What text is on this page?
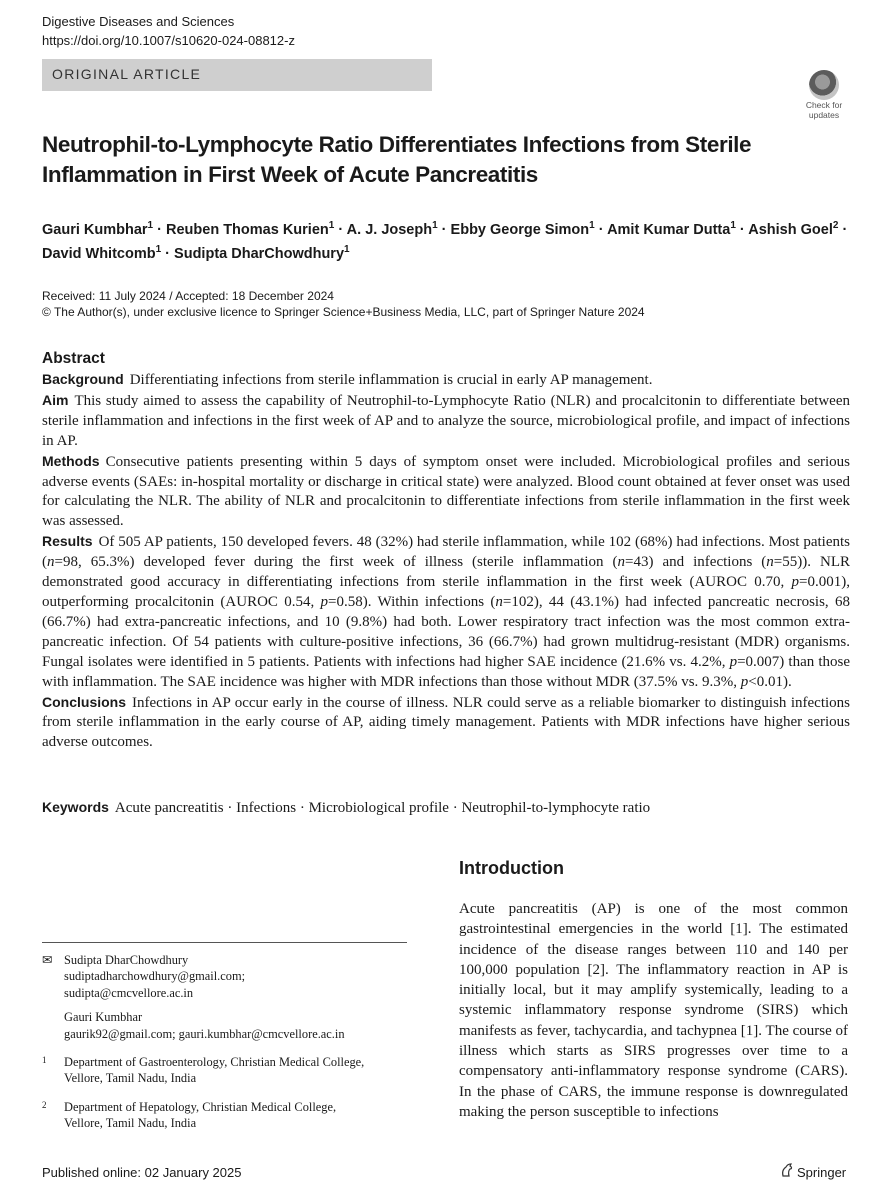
Digestive Diseases and Sciences
https://doi.org/10.1007/s10620-024-08812-z
ORIGINAL ARTICLE
Check for
updates
Neutrophil-to-Lymphocyte Ratio Differentiates Infections from Sterile
Inflammation in First Week of Acute Pancreatitis
Gauri Kumbhar$^1$ · Reuben Thomas Kurien$^1$ · A. J. Joseph$^1$ · Ebby George Simon$^1$ · Amit Kumar Dutta$^1$ · Ashish Goel$^2$ ·
David Whitcomb$^1$ · Sudipta DharChowdhury$^1$
Received: 11 July 2024 / Accepted: 18 December 2024
© The Author(s), under exclusive licence to Springer Science+Business Media, LLC, part of Springer Nature 2024
Abstract

Background Differentiating infections from sterile inflammation is crucial in early AP management.

Aim This study aimed to assess the capability of Neutrophil-to-Lymphocyte Ratio (NLR) and procalcitonin to differentiate between sterile inflammation and infections in the first week of AP and to analyze the source, microbiological profile, and impact of infections in AP.

Methods Consecutive patients presenting within 5 days of symptom onset were included. Microbiological profiles and serious adverse events (SAEs: in-hospital mortality or discharge in critical state) were analyzed. Blood count obtained at fever onset was used for calculating the NLR. The ability of NLR and procalcitonin to differentiate infections from sterile inflammation in the first week was assessed.

Results Of 505 AP patients, 150 developed fevers. 48 (32%) had sterile inflammation, while 102 (68%) had infections. Most patients (n=98, 65.3%) developed fever during the first week of illness (sterile inflammation (n=43) and infections (n=55)). NLR demonstrated good accuracy in differentiating infections from sterile inflammation in the first week (AUROC 0.70, p=0.001), outperforming procalcitonin (AUROC 0.54, p=0.58). Within infections (n=102), 44 (43.1%) had infected pancreatic necrosis, 68 (66.7%) had extra-pancreatic infections, and 10 (9.8%) had both. Lower respiratory tract infection was the most common extra-pancreatic infection. Of 54 patients with culture-positive infections, 36 (66.7%) had grown multidrug-resistant (MDR) organisms. Fungal isolates were identified in 5 patients. Patients with infections had higher SAE incidence (21.6% vs. 4.2%, p=0.007) than those with inflammation. The SAE incidence was higher with MDR infections than those without MDR (37.5% vs. 9.3%, p<0.01).

Conclusions Infections in AP occur early in the course of illness. NLR could serve as a reliable biomarker to distinguish infections from sterile inflammation in the early course of AP, aiding timely management. Patients with MDR infections have higher serious adverse outcomes.

Keywords Acute pancreatitis · Infections · Microbiological profile · Neutrophil-to-lymphocyte ratio
Introduction
Acute pancreatitis (AP) is one of the most common gastrointestinal emergencies in the world [1]. The estimated incidence of the disease ranges between 110 and 140 per 100,000 population [2]. The inflammatory reaction in AP is initially local, but it may amplify systemically, leading to a systemic inflammatory response syndrome (SIRS) which manifests as fever, tachycardia, and tachypnea [1]. The course of illness which starts as SIRS progresses over time to a compensatory anti-inflammatory response syndrome (CARS). In the phase of CARS, the immune response is downregulated making the person susceptible to infections
✉ Sudipta DharChowdhury
sudiptadharchowdhury@gmail.com;
sudipta@cmcvellore.ac.in
Gauri Kumbhar
gaurik92@gmail.com; gauri.kumbhar@cmcvellore.ac.in
1 Department of Gastroenterology, Christian Medical College,
Vellore, Tamil Nadu, India
2 Department of Hepatology, Christian Medical College,
Vellore, Tamil Nadu, India
Published online: 02 January 2025	Springer
